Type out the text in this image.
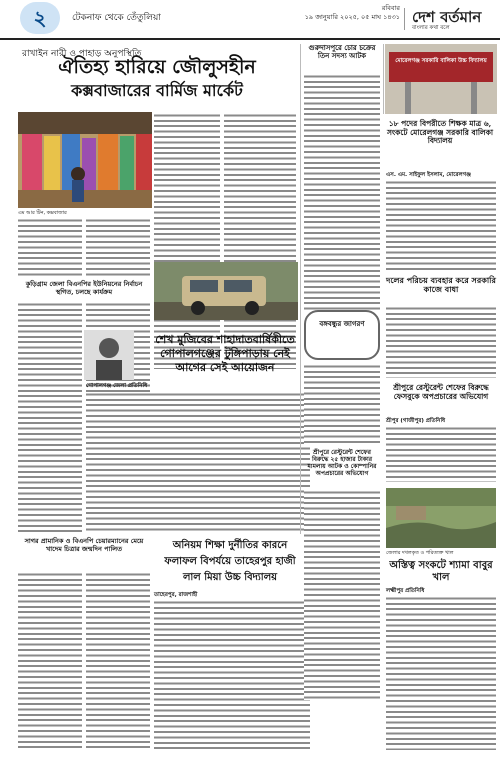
২	টেকনাফ থেকে তেঁতুলিয়া
রবিবার
১৯ জানুয়ারি ২০২৫, ০৫ মাঘ ১৪৩১ দেশ বর্তমান
বাংলার কথা বলে
রাখাইন নারী ও পাহাড় অনুপস্থিতি
ঐতিহ্য হারিয়ে জৌলুসহীন
কক্সবাজারের বার্মিজ মার্কেট
এম আর টিন, কক্সবাজার
কুড়িগ্রাম জেলা বিএনপির ইউনিয়নের নির্বাচন স্থগিত, চলছে কার্যক্রম
শেখ মুজিবের শাহাদাতবার্ষিকীতে
গোপালগঞ্জের টুঙ্গিপাড়ায় নেই
আগের সেই আয়োজন
গোপালগঞ্জ জেলা প্রতিনিধি
সাগর প্রামানিক ও বিএনপি চেয়ারম্যানের মেয়ে খাদেম চিত্রার জন্মদিন পালিত	অনিয়ম শিক্ষা দুর্নীতির কারনে
ফলাফল বিপর্যয়ে তাহেরপুর হাজী
লাল মিয়া উচ্চ বিদ্যালয়
তাহেরপুর, রাজশাহী
গুরুদাসপুরে চোর চক্রের তিন সদস্য আটক
বঙ্গবন্ধুর জাগরণ
শ্রীপুরে রেস্টুরেন্ট শেফের বিরুদ্ধে ২৫ হাজার টাকার মামলায় আটক ও কোম্পানির অপপ্রচারের অভিযোগ
মোরেলগঞ্জ সরকারি বালিকা উচ্চ বিদ্যালয়
১৮ পদের বিপরীতে শিক্ষক মাত্র ৬, সংকটে মোরেলগঞ্জ সরকারি বালিকা বিদ্যালয়
এস. এম. সাইফুল ইসলাম, মোরেলগঞ্জ
দলের পরিচয় ব্যবহার করে সরকারি কাজে বাধা
শ্রীপুরে রেস্টুরেন্ট শেফের বিরুদ্ধে ফেসবুকে অপপ্রচারের অভিযোগ
শ্রীপুর (গাজীপুর) প্রতিনিধি
জেলার দখলকৃত ও পরিত্যক্ত খাল
অস্তিত্ব সংকটে শ্যামা বাবুর খাল
লক্ষ্মীপুর প্রতিনিধি
